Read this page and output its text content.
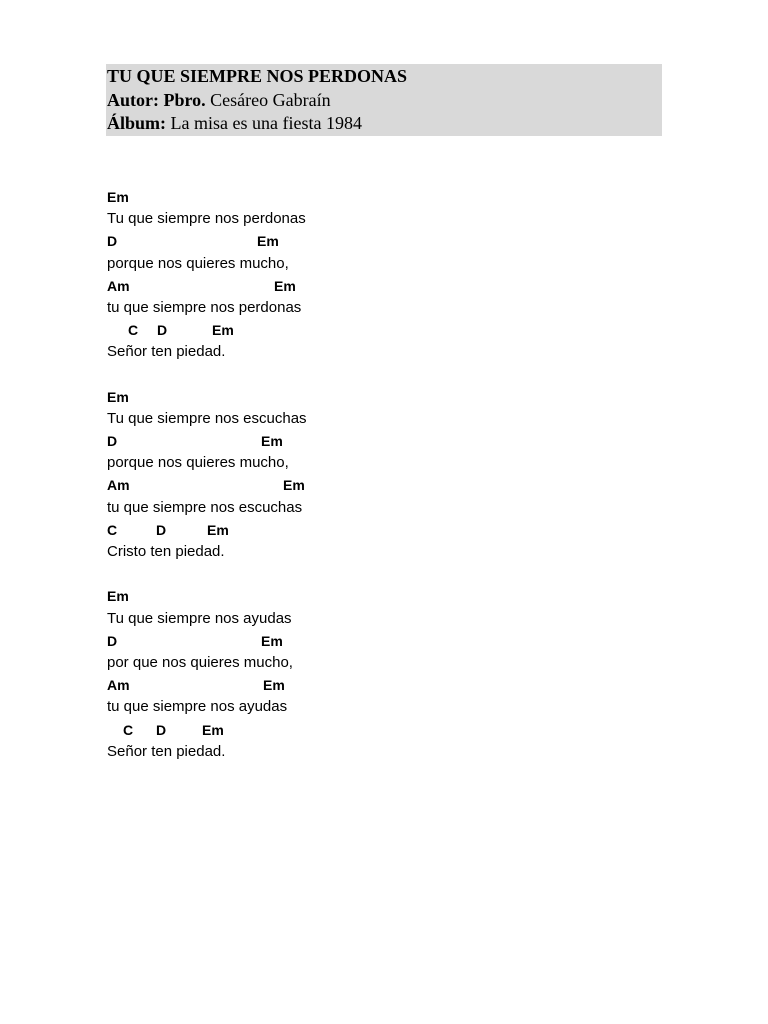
TU QUE SIEMPRE NOS PERDONAS
Autor: Pbro. Cesáreo Gabraín
Álbum: La misa es una fiesta 1984
Em
Tu que siempre nos perdonas
D	Em
porque nos quieres mucho,
Am	Em
tu que siempre nos perdonas
C D	Em
Señor ten piedad.
Em
Tu que siempre nos escuchas
D	Em
porque nos quieres mucho,
Am	Em
tu que siempre nos escuchas
C	D	Em
Cristo ten piedad.
Em
Tu que siempre nos ayudas
D	Em
por que nos quieres mucho,
Am	Em
tu que siempre nos ayudas
C D	Em
Señor ten piedad.
